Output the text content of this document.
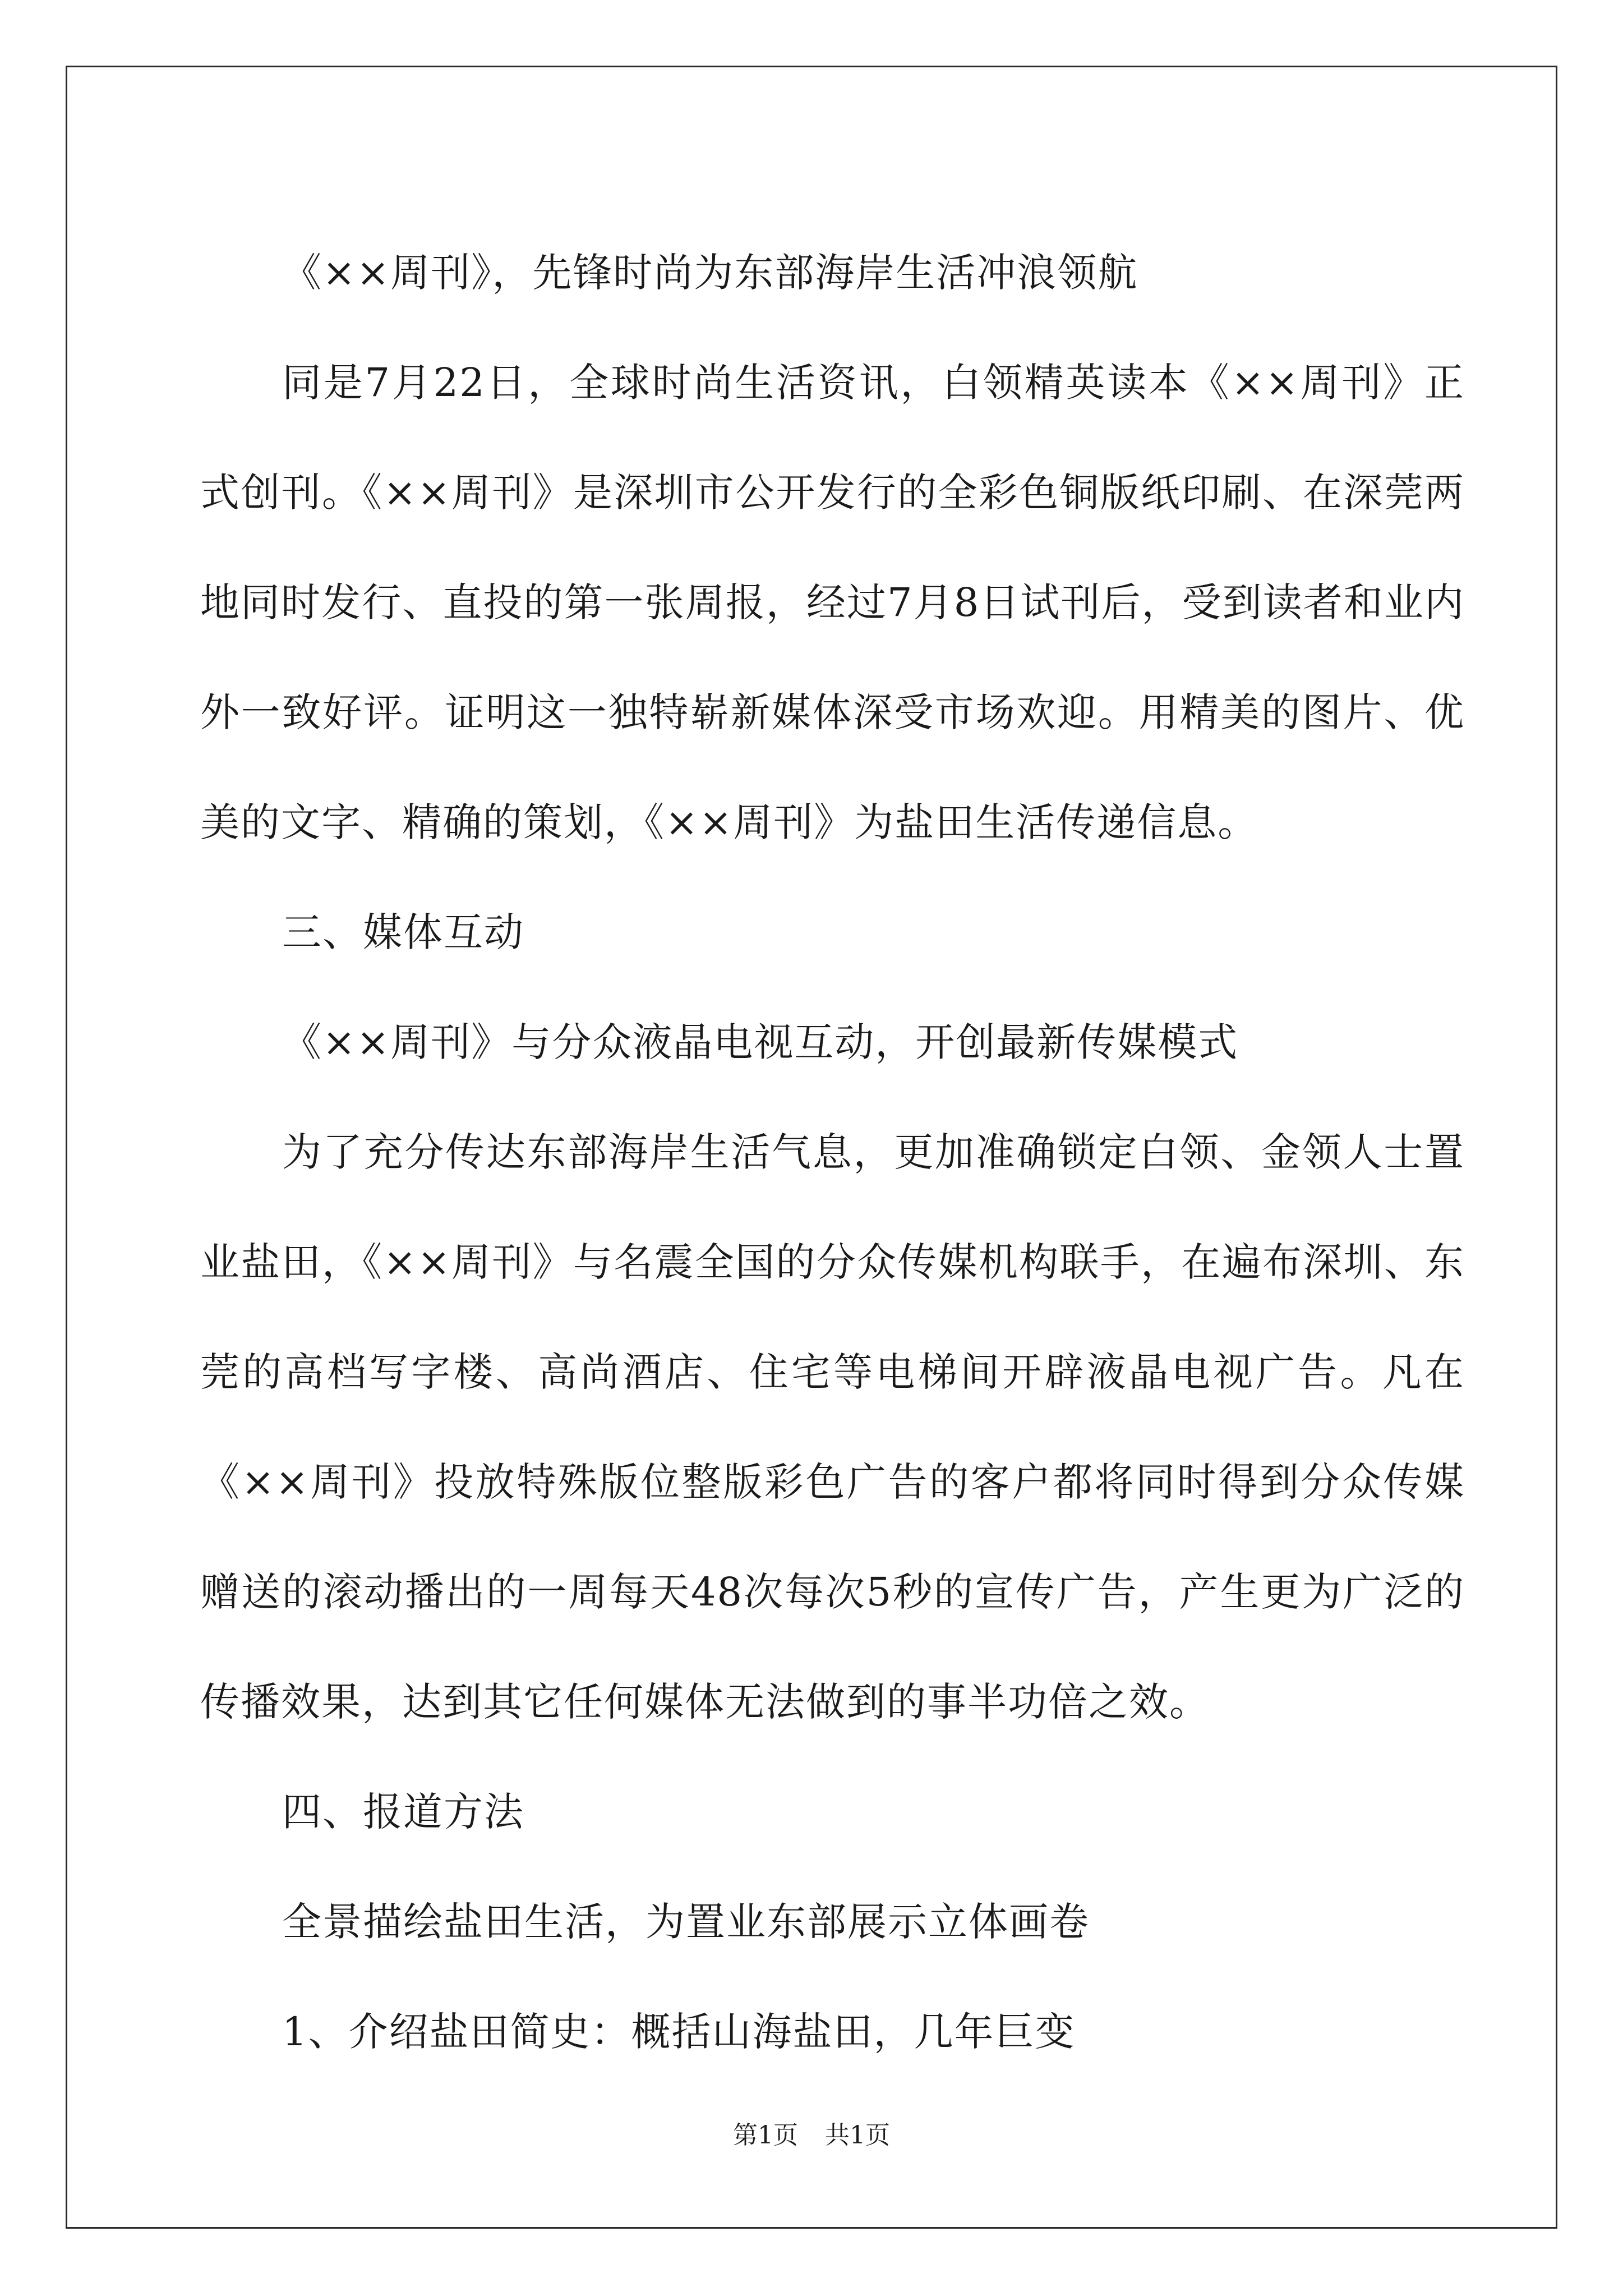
《××周刊》，先锋时尚为东部海岸生活冲浪领航

同是7月22日，全球时尚生活资讯，白领精英读本《××周刊》正式创刊。《××周刊》是深圳市公开发行的全彩色铜版纸印刷、在深莞两地同时发行、直投的第一张周报，经过7月8日试刊后，受到读者和业内外一致好评。证明这一独特崭新媒体深受市场欢迎。用精美的图片、优美的文字、精确的策划，《××周刊》为盐田生活传递信息。

三、媒体互动

《××周刊》与分众液晶电视互动，开创最新传媒模式

为了充分传达东部海岸生活气息，更加准确锁定白领、金领人士置业盐田，《××周刊》与名震全国的分众传媒机构联手，在遍布深圳、东莞的高档写字楼、高尚酒店、住宅等电梯间开辟液晶电视广告。凡在《××周刊》投放特殊版位整版彩色广告的客户都将同时得到分众传媒赠送的滚动播出的一周每天48次每次5秒的宣传广告，产生更为广泛的传播效果，达到其它任何媒体无法做到的事半功倍之效。

四、报道方法

全景描绘盐田生活，为置业东部展示立体画卷

1、介绍盐田简史：概括山海盐田，几年巨变

第1页 共1页
